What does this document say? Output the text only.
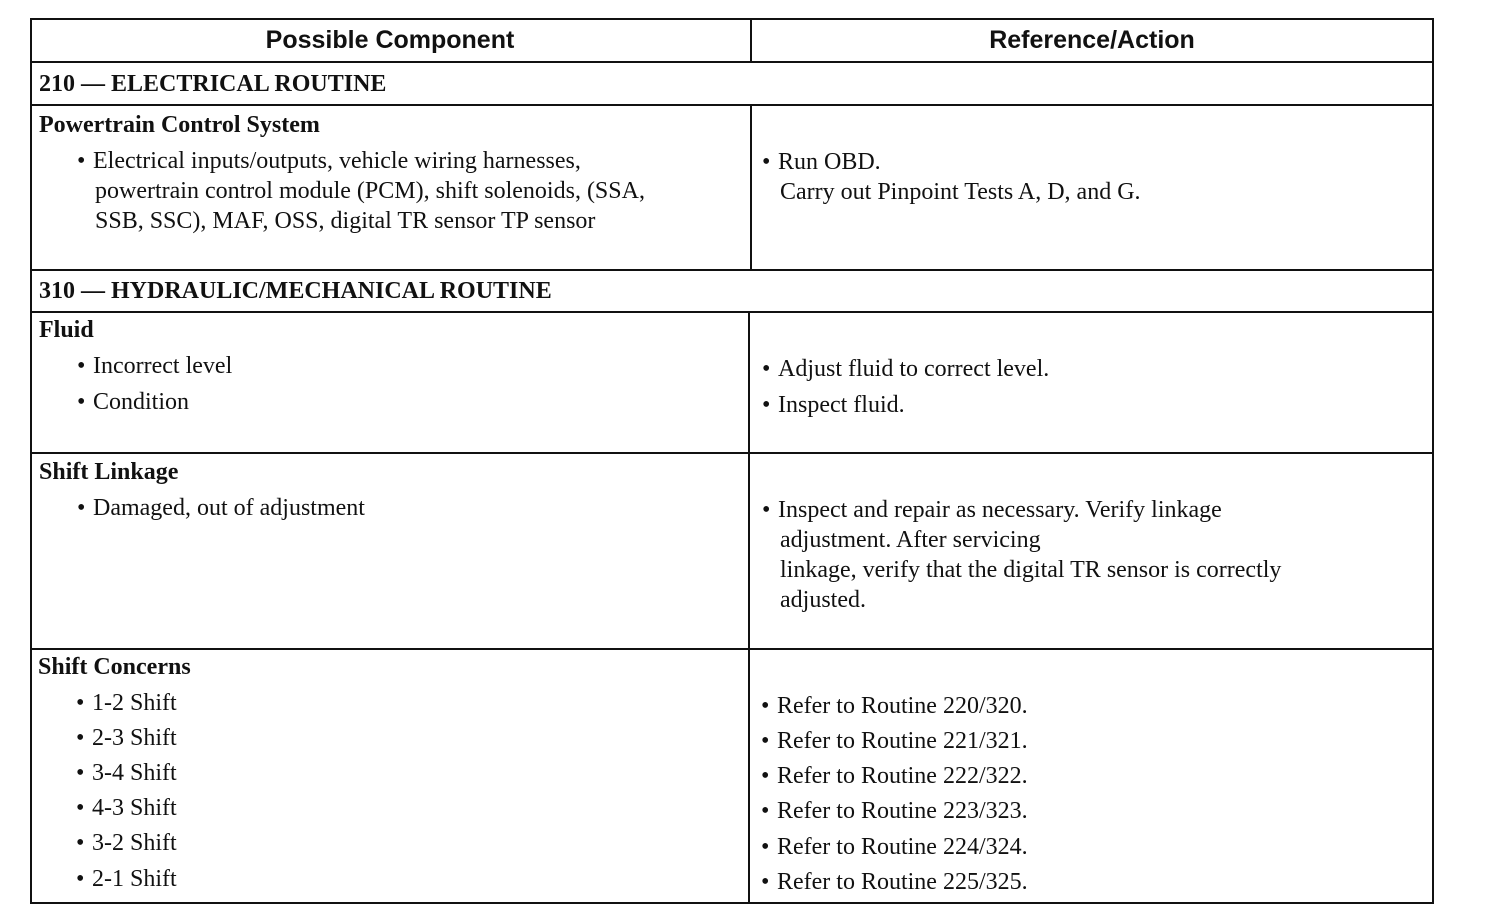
Possible Component	Reference/Action
210 — ELECTRICAL ROUTINE
Powertrain Control System
• Electrical inputs/outputs, vehicle wiring harnesses,
powertrain control module (PCM), shift solenoids, (SSA,
SSB, SSC), MAF, OSS, digital TR sensor TP sensor
• Run OBD.
Carry out Pinpoint Tests A, D, and G.
310 — HYDRAULIC/MECHANICAL ROUTINE
Fluid
• Incorrect level
• Condition
• Adjust fluid to correct level.
• Inspect fluid.
Shift Linkage
• Damaged, out of adjustment	• Inspect and repair as necessary. Verify linkage
adjustment. After servicing
linkage, verify that the digital TR sensor is correctly
adjusted.
Shift Concerns
• 1-2 Shift
• 2-3 Shift
• 3-4 Shift
• 4-3 Shift
• 3-2 Shift
• 2-1 Shift
• Refer to Routine 220/320.
• Refer to Routine 221/321.
• Refer to Routine 222/322.
• Refer to Routine 223/323.
• Refer to Routine 224/324.
• Refer to Routine 225/325.
